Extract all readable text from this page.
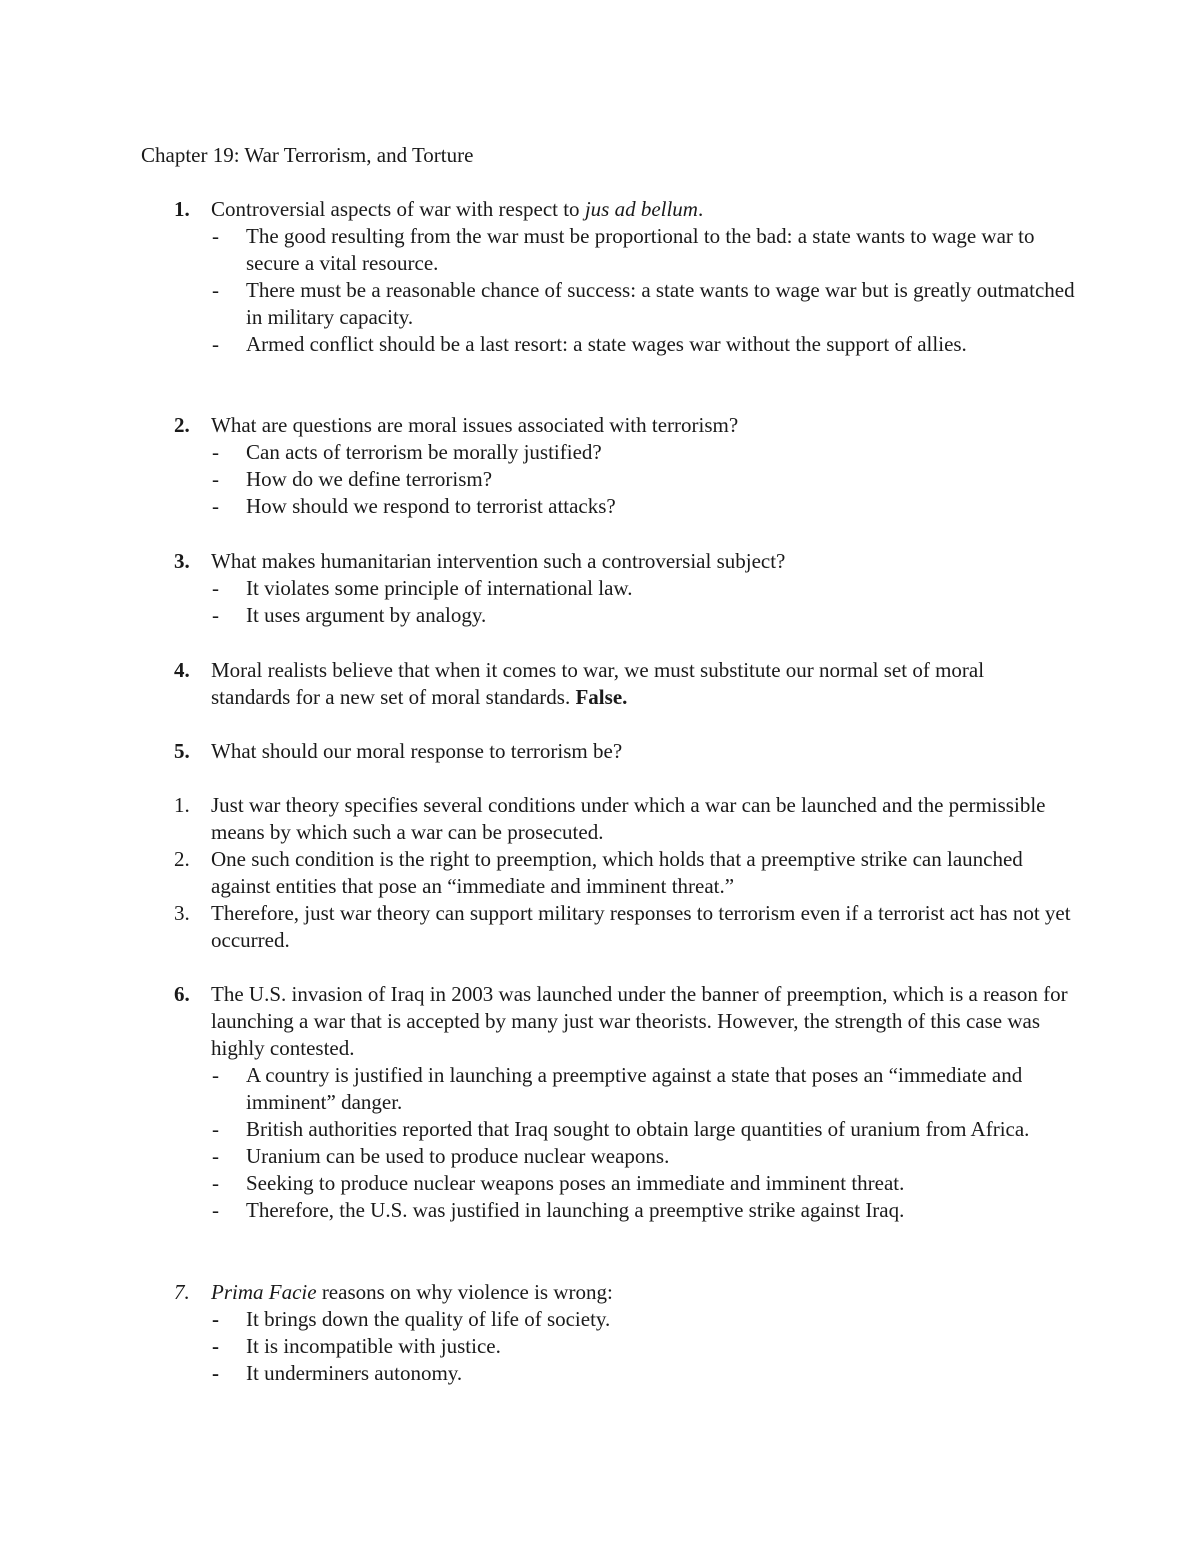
Chapter 19: War Terrorism, and Torture
1. Controversial aspects of war with respect to jus ad bellum.
- The good resulting from the war must be proportional to the bad: a state wants to wage war to secure a vital resource.
- There must be a reasonable chance of success: a state wants to wage war but is greatly outmatched in military capacity.
- Armed conflict should be a last resort: a state wages war without the support of allies.
2. What are questions are moral issues associated with terrorism?
- Can acts of terrorism be morally justified?
- How do we define terrorism?
- How should we respond to terrorist attacks?
3. What makes humanitarian intervention such a controversial subject?
- It violates some principle of international law.
- It uses argument by analogy.
4. Moral realists believe that when it comes to war, we must substitute our normal set of moral standards for a new set of moral standards. False.
5. What should our moral response to terrorism be?
1. Just war theory specifies several conditions under which a war can be launched and the permissible means by which such a war can be prosecuted.
2. One such condition is the right to preemption, which holds that a preemptive strike can launched against entities that pose an “immediate and imminent threat.”
3. Therefore, just war theory can support military responses to terrorism even if a terrorist act has not yet occurred.
6. The U.S. invasion of Iraq in 2003 was launched under the banner of preemption, which is a reason for launching a war that is accepted by many just war theorists. However, the strength of this case was highly contested.
- A country is justified in launching a preemptive against a state that poses an “immediate and imminent” danger.
- British authorities reported that Iraq sought to obtain large quantities of uranium from Africa.
- Uranium can be used to produce nuclear weapons.
- Seeking to produce nuclear weapons poses an immediate and imminent threat.
- Therefore, the U.S. was justified in launching a preemptive strike against Iraq.
7. Prima Facie reasons on why violence is wrong:
- It brings down the quality of life of society.
- It is incompatible with justice.
- It underminers autonomy.
